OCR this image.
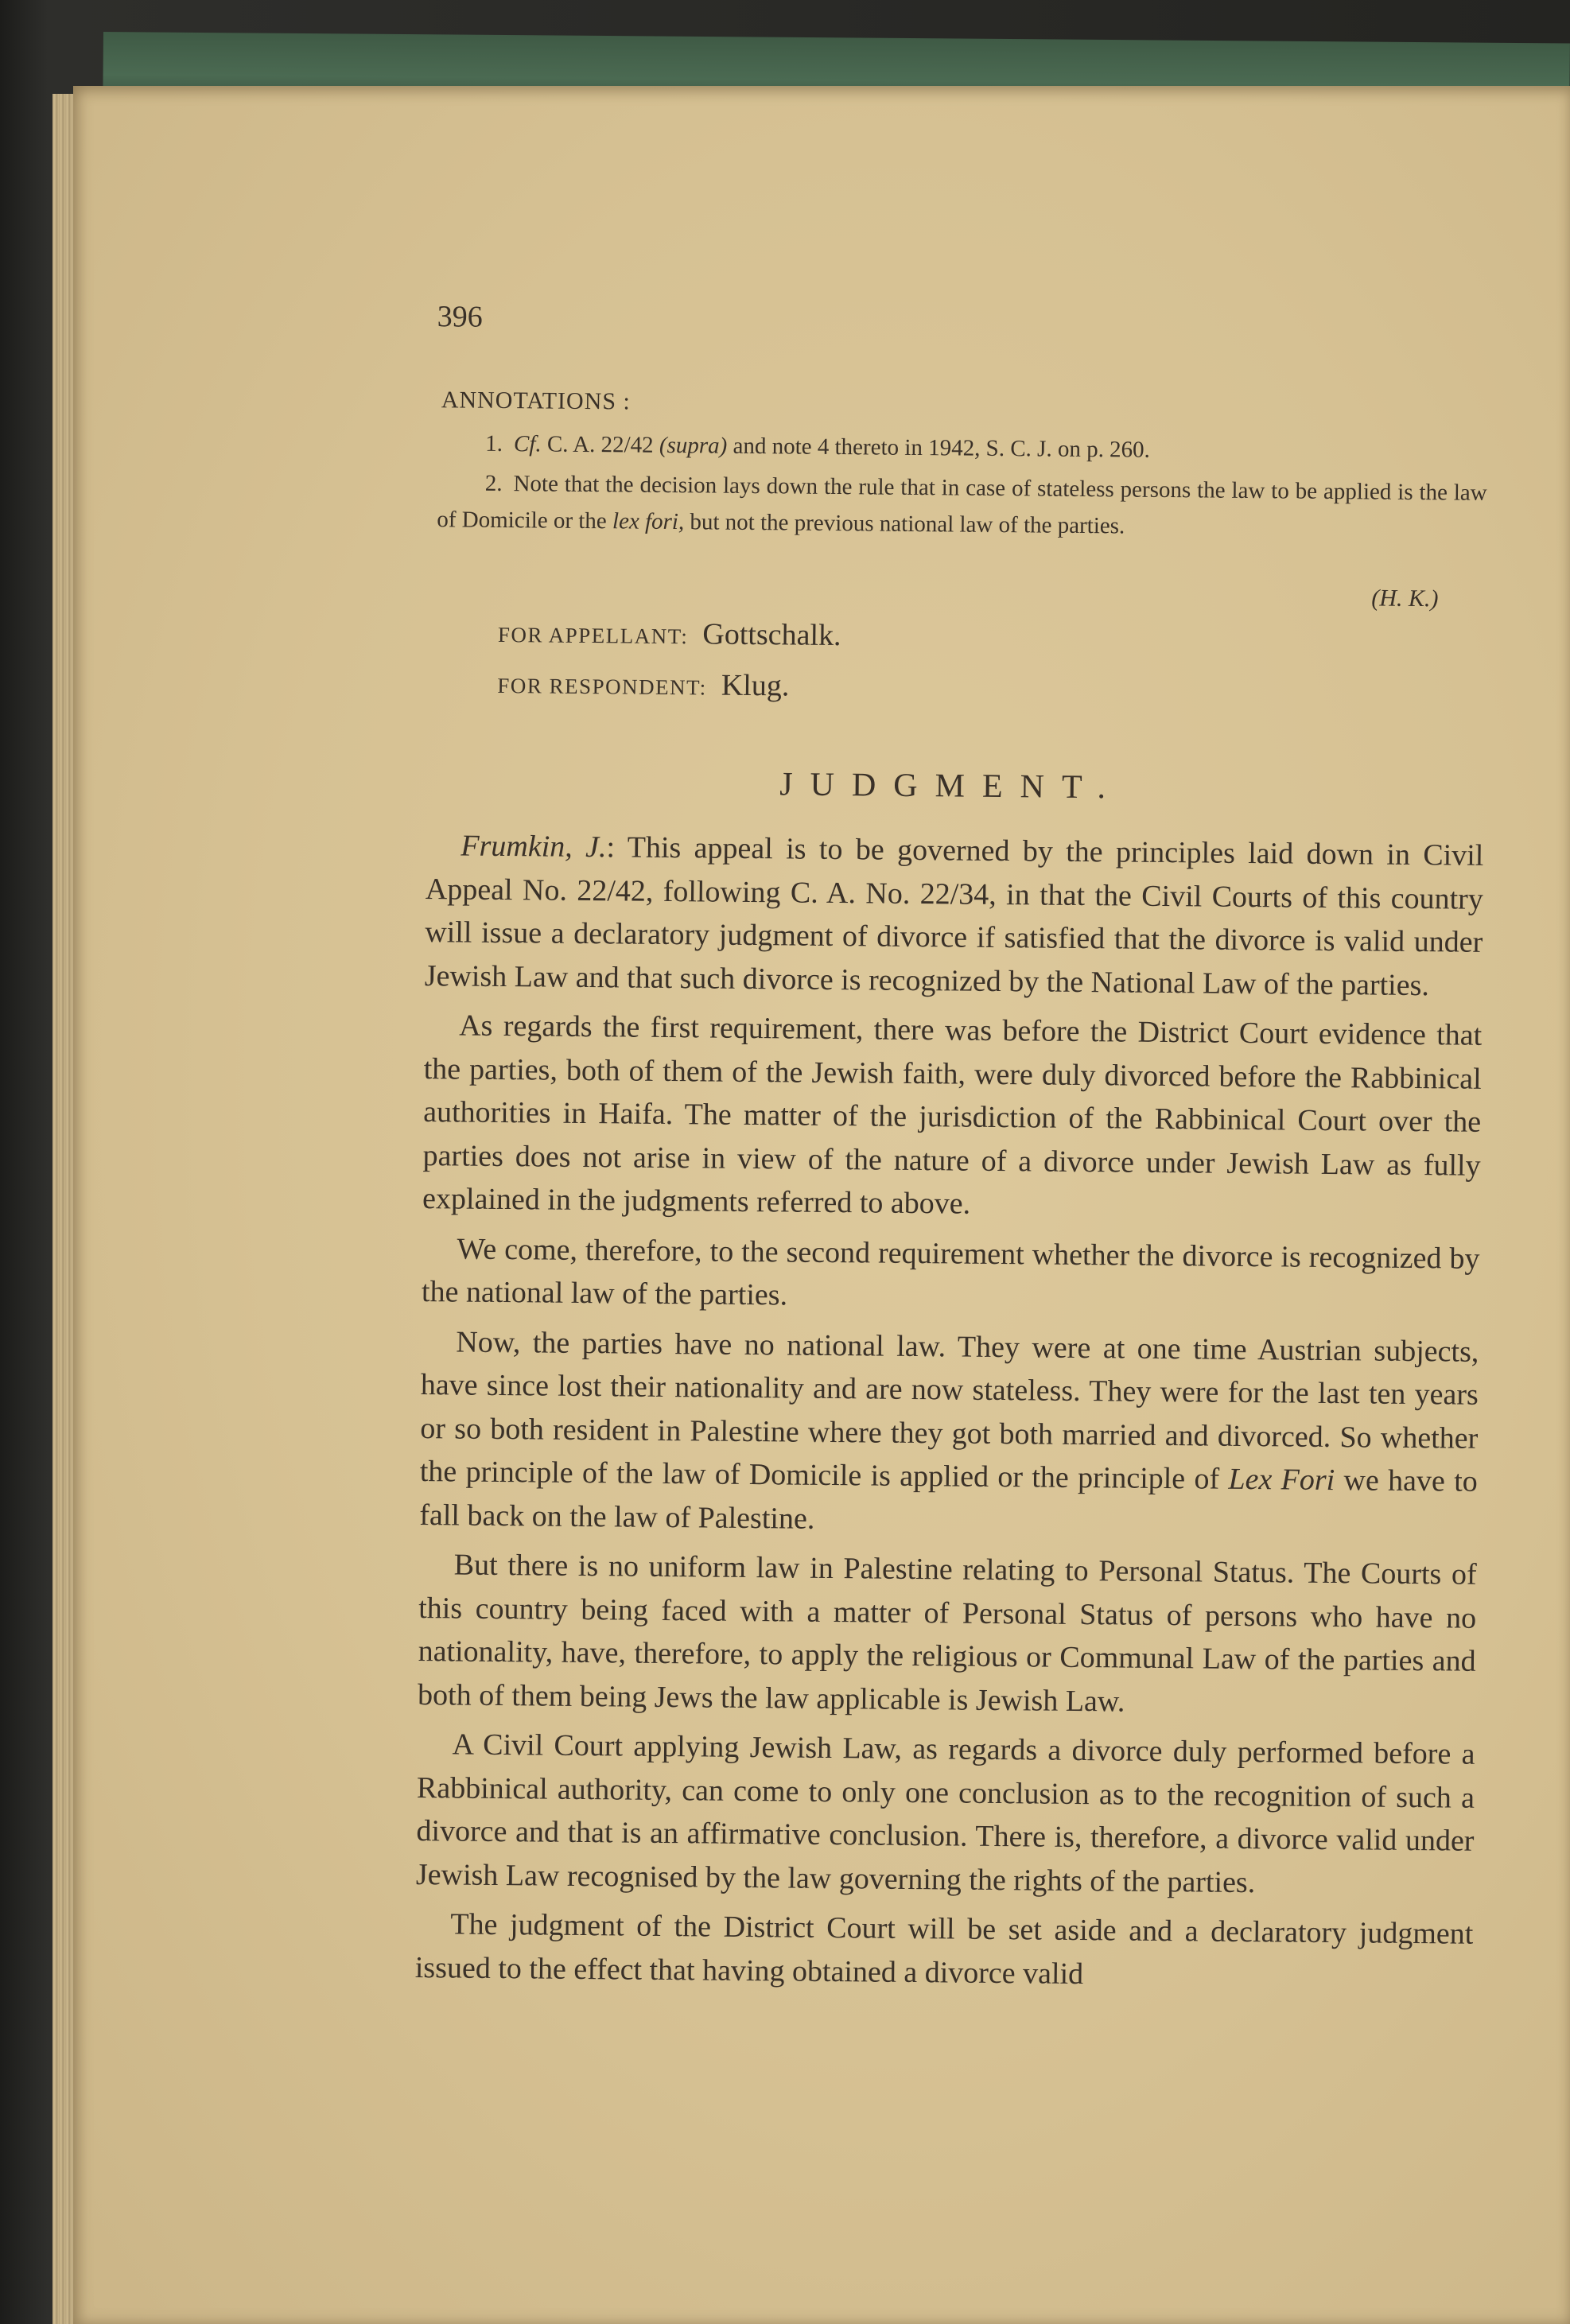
396
ANNOTATIONS :
1. Cf. C. A. 22/42 (supra) and note 4 thereto in 1942, S. C. J. on p. 260.
2. Note that the decision lays down the rule that in case of stateless persons the law to be applied is the law of Domicile or the lex fori, but not the previous national law of the parties.
(H. K.)
FOR APPELLANT: Gottschalk.
FOR RESPONDENT: Klug.
JUDGMENT.

Frumkin, J.: This appeal is to be governed by the principles laid down in Civil Appeal No. 22/42, following C. A. No. 22/34, in that the Civil Courts of this country will issue a declaratory judgment of divorce if satisfied that the divorce is valid under Jewish Law and that such divorce is recognized by the National Law of the parties.

As regards the first requirement, there was before the District Court evidence that the parties, both of them of the Jewish faith, were duly divorced before the Rabbinical authorities in Haifa. The matter of the jurisdiction of the Rabbinical Court over the parties does not arise in view of the nature of a divorce under Jewish Law as fully explained in the judgments referred to above.

We come, therefore, to the second requirement whether the divorce is recognized by the national law of the parties.

Now, the parties have no national law. They were at one time Austrian subjects, have since lost their nationality and are now stateless. They were for the last ten years or so both resident in Palestine where they got both married and divorced. So whether the principle of the law of Domicile is applied or the principle of Lex Fori we have to fall back on the law of Palestine.

But there is no uniform law in Palestine relating to Personal Status. The Courts of this country being faced with a matter of Personal Status of persons who have no nationality, have, therefore, to apply the religious or Communal Law of the parties and both of them being Jews the law applicable is Jewish Law.

A Civil Court applying Jewish Law, as regards a divorce duly performed before a Rabbinical authority, can come to only one conclusion as to the recognition of such a divorce and that is an affirmative conclusion. There is, therefore, a divorce valid under Jewish Law recognised by the law governing the rights of the parties.

The judgment of the District Court will be set aside and a declaratory judgment issued to the effect that having obtained a divorce valid
